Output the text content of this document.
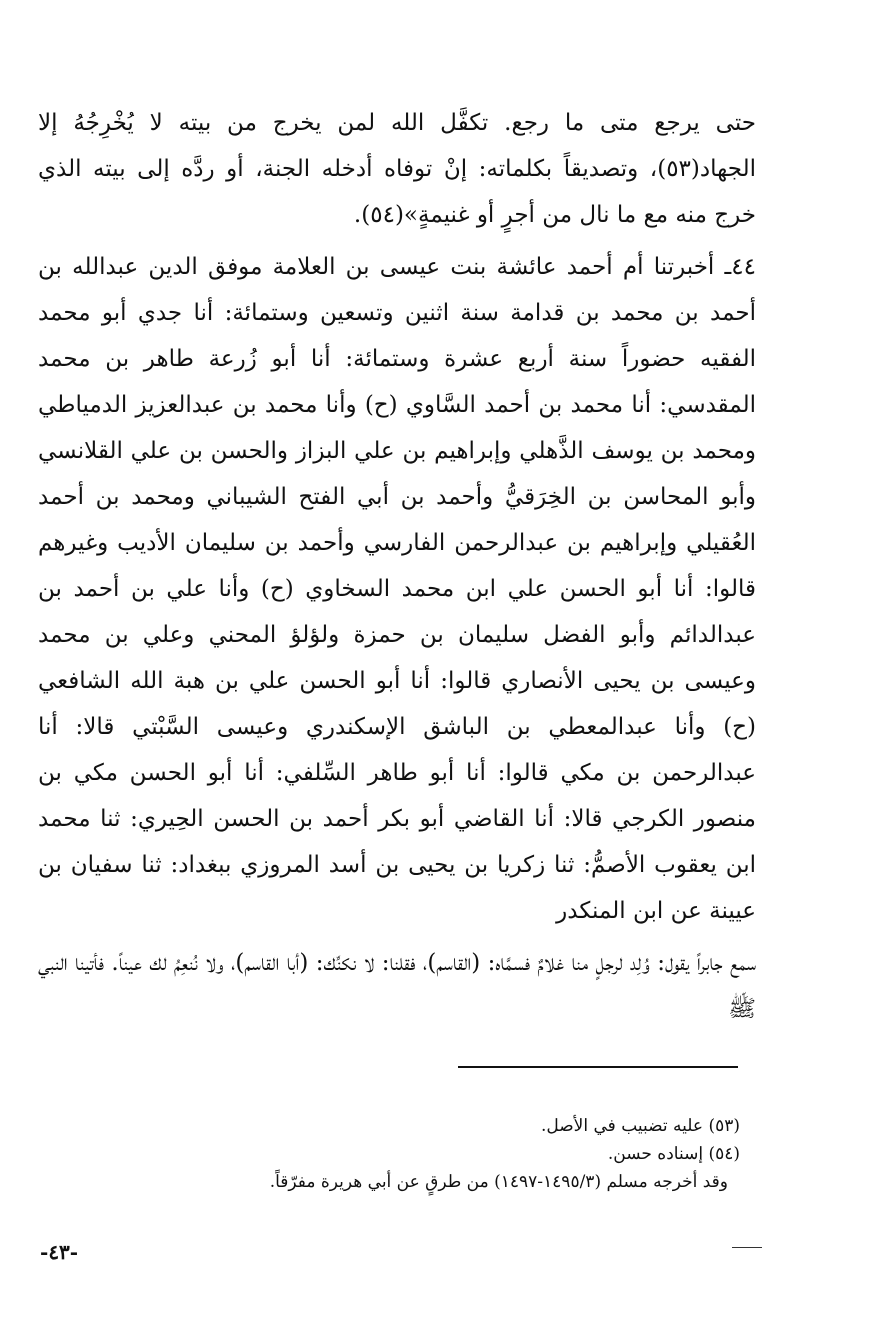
حتى يرجع متى ما رجع. تكفَّل الله لمن يخرج من بيته لا يُخْرِجُهُ إلا الجهاد(٥٣)، وتصديقاً بكلماته: إنْ توفاه أدخله الجنة، أو ردَّه إلى بيته الذي خرج منه مع ما نال من أجرٍ أو غنيمةٍ»(٥٤).

٤٤ـ أخبرتنا أم أحمد عائشة بنت عيسى بن العلامة موفق الدين عبدالله بن أحمد بن محمد بن قدامة سنة اثنين وتسعين وستمائة: أنا جدي أبو محمد الفقيه حضوراً سنة أربع عشرة وستمائة: أنا أبو زُرعة طاهر بن محمد المقدسي: أنا محمد بن أحمد السَّاوي (ح) وأنا محمد بن عبدالعزيز الدمياطي ومحمد بن يوسف الذَّهلي وإبراهيم بن علي البزاز والحسن بن علي القلانسي وأبو المحاسن بن الخِرَقيُّ وأحمد بن أبي الفتح الشيباني ومحمد بن أحمد العُقيلي وإبراهيم بن عبدالرحمن الفارسي وأحمد بن سليمان الأديب وغيرهم قالوا: أنا أبو الحسن علي ابن محمد السخاوي (ح) وأنا علي بن أحمد بن عبدالدائم وأبو الفضل سليمان بن حمزة ولؤلؤ المحني وعلي بن محمد وعيسى بن يحيى الأنصاري قالوا: أنا أبو الحسن علي بن هبة الله الشافعي (ح) وأنا عبدالمعطي بن الباشق الإسكندري وعيسى السَّبْتي قالا: أنا عبدالرحمن بن مكي قالوا: أنا أبو طاهر السِّلفي: أنا أبو الحسن مكي بن منصور الكرجي قالا: أنا القاضي أبو بكر أحمد بن الحسن الحِيري: ثنا محمد ابن يعقوب الأصمُّ: ثنا زكريا بن يحيى بن أسد المروزي ببغداد: ثنا سفيان بن عيينة عن ابن المنكدر

سمع جابراً يقول: وُلِد لرجلٍ منا غلامٌ فسمَّاه: (القاسم)، فقلنا: لا نكنِّك: (أبا القاسم)، ولا نُنعِمُ لك عيناً. فأتينا النبي ﷺ

(٥٣) عليه تضبيب في الأصل.

(٥٤) إسناده حسن.

وقد أخرجه مسلم (١٤٩٥/٣-١٤٩٧) من طرقٍ عن أبي هريرة مفرّقاً.

-٤٣-
